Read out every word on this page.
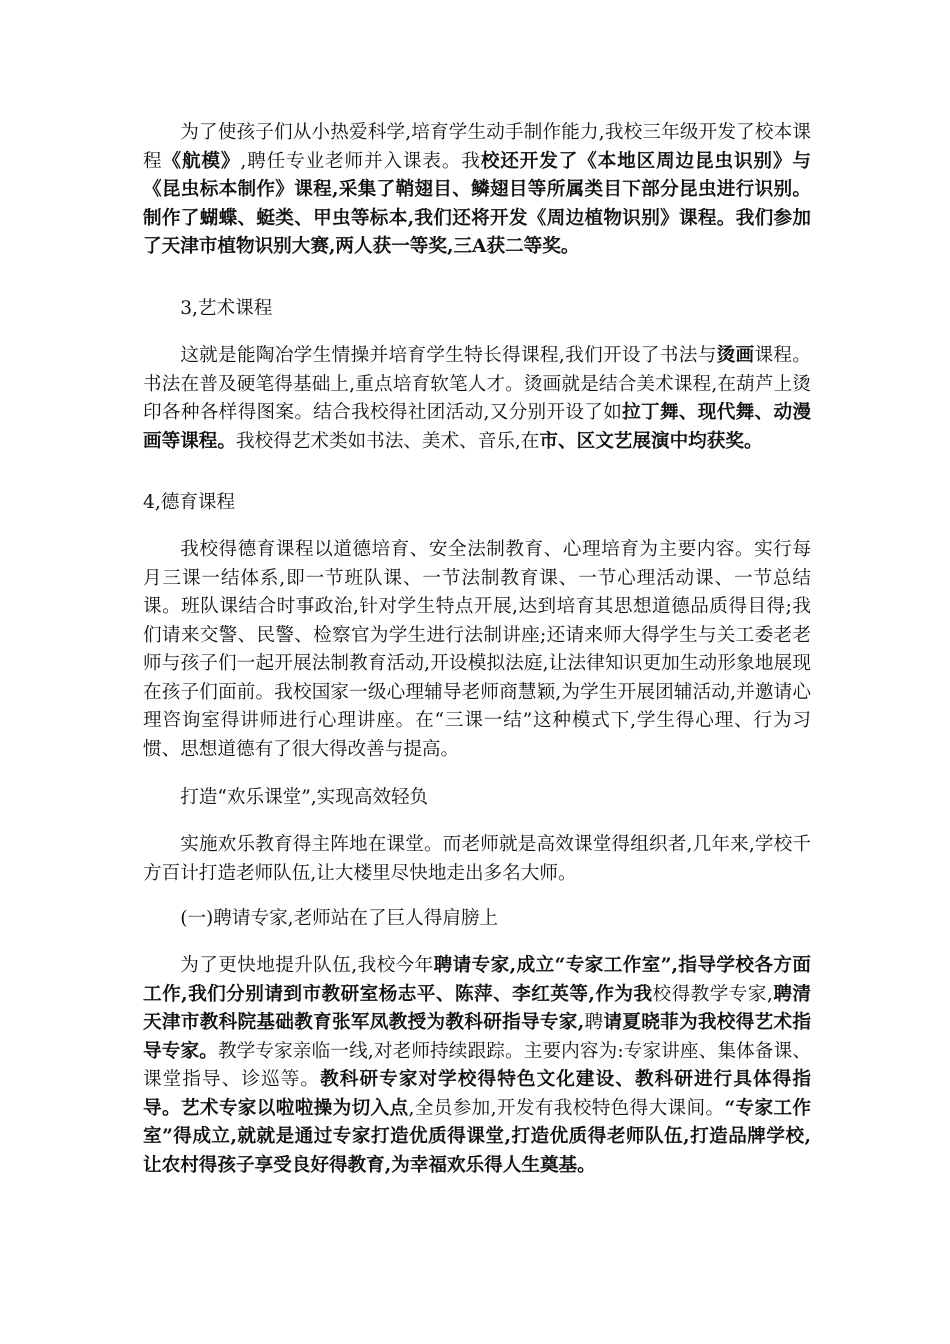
为了使孩子们从小热爱科学,培育学生动手制作能力,我校三年级开发了校本课程《航模》,聘任专业老师并入课表。我校还开发了《本地区周边昆虫识别》与《昆虫标本制作》课程,采集了鞘翅目、鳞翅目等所属类目下部分昆虫进行识别。制作了蝴蝶、蜓类、甲虫等标本,我们还将开发《周边植物识别》课程。我们参加了天津市植物识别大赛,两人获一等奖,三A获二等奖。

3,艺术课程

这就是能陶冶学生情操并培育学生特长得课程,我们开设了书法与烫画课程。书法在普及硬笔得基础上,重点培育软笔人才。烫画就是结合美术课程,在葫芦上烫印各种各样得图案。结合我校得社团活动,又分别开设了如拉丁舞、现代舞、动漫画等课程。我校得艺术类如书法、美术、音乐,在市、区文艺展演中均获奖。

4,德育课程

我校得德育课程以道德培育、安全法制教育、心理培育为主要内容。实行每月三课一结体系,即一节班队课、一节法制教育课、一节心理活动课、一节总结课。班队课结合时事政治,针对学生特点开展,达到培育其思想道德品质得目得;我们请来交警、民警、检察官为学生进行法制讲座;还请来师大得学生与关工委老老师与孩子们一起开展法制教育活动,开设模拟法庭,让法律知识更加生动形象地展现在孩子们面前。我校国家一级心理辅导老师商慧颖,为学生开展团辅活动,并邀请心理咨询室得讲师进行心理讲座。在“三课一结”这种模式下,学生得心理、行为习惯、思想道德有了很大得改善与提高。

打造“欢乐课堂”,实现高效轻负

实施欢乐教育得主阵地在课堂。而老师就是高效课堂得组织者,几年来,学校千方百计打造老师队伍,让大楼里尽快地走出多名大师。

(一)聘请专家,老师站在了巨人得肩膀上

为了更快地提升队伍,我校今年聘请专家,成立“专家工作室”,指导学校各方面工作,我们分别请到市教研室杨志平、陈萍、李红英等,作为我校得教学专家,聘清天津市教科院基础教育张军凤教授为教科研指导专家,聘请夏晓菲为我校得艺术指导专家。教学专家亲临一线,对老师持续跟踪。主要内容为:专家讲座、集体备课、课堂指导、诊巡等。教科研专家对学校得特色文化建设、教科研进行具体得指导。艺术专家以啦啦操为切入点,全员参加,开发有我校特色得大课间。“专家工作室”得成立,就就是通过专家打造优质得课堂,打造优质得老师队伍,打造品牌学校,让农村得孩子享受良好得教育,为幸福欢乐得人生奠基。
